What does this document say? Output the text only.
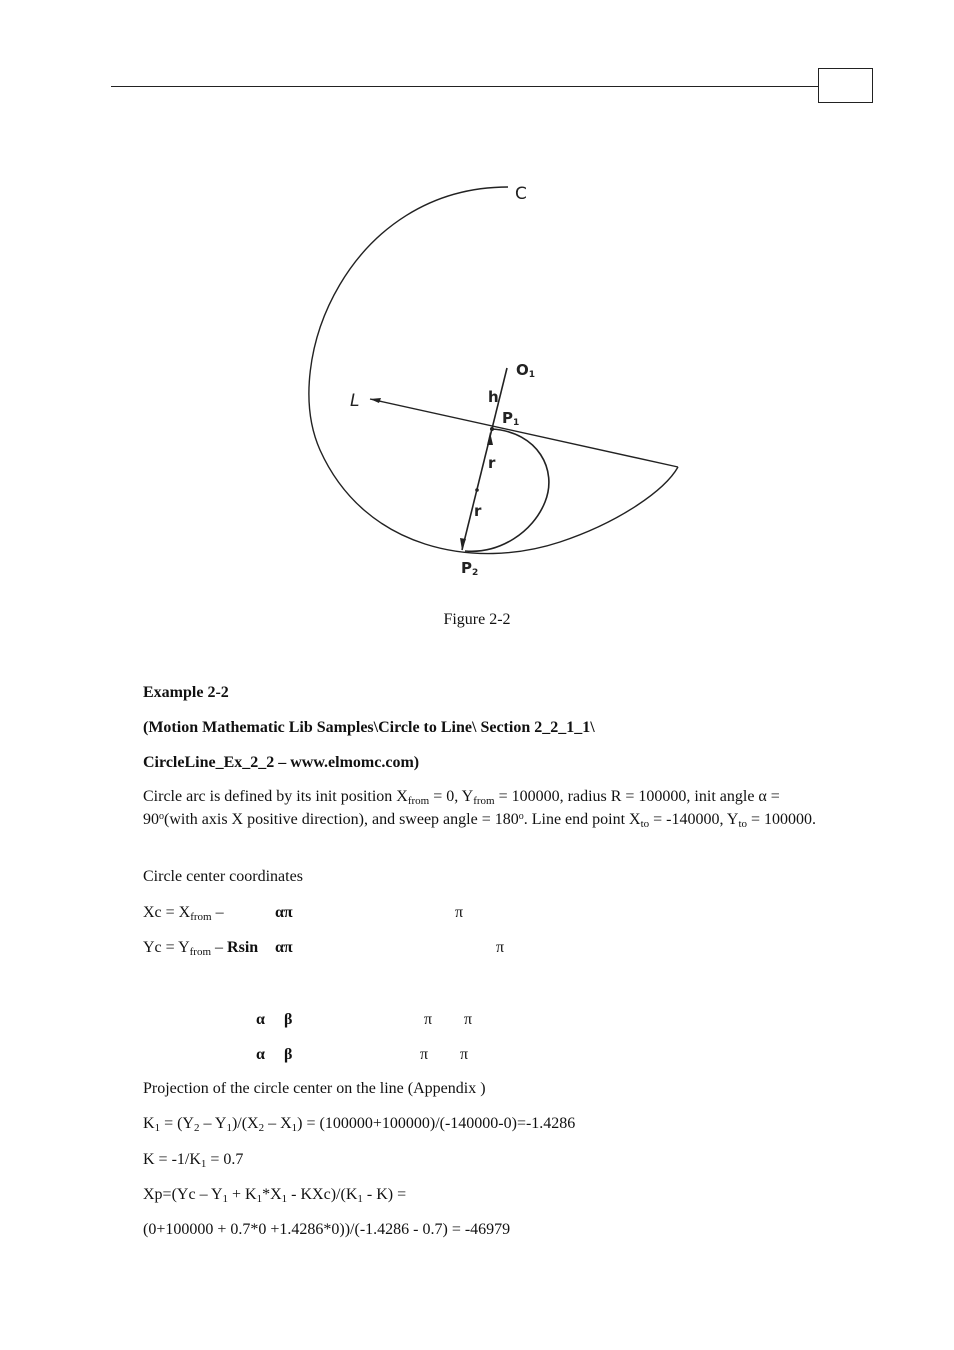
C
O1
L	h
P1
r
r
P2
Figure 2-2
Example 2-2
(Motion Mathematic Lib Samples\Circle to Line\ Section 2_2_1_1\
CircleLine_Ex_2_2 – www.elmomc.com)
Circle arc is defined by its init position $X_{from} = 0$, $Y_{from} = 100000$, radius R = 100000, init angle $\alpha = 90^o(with$ axis X positive direction), and sweep angle = $180^o$. Line end point $X_{to} = -140000$, $Y_{to} = 100000$.
Circle center coordinates
$Xc = X_{from}$ –	απ	π
$Yc = Y_{from} - Rsin$ απ	π
α β	π π
α β	π π
Projection of the circle center on the line (Appendix )
$K_1 = (Y_2 - Y_1)/(X_2 - X_1) = (100000+100000)/(-140000-0)=-1.4286$
$K = -1/K_1 = 0.7$
$Xp=(Yc - Y_1 + K_1*X_1 - KXc)/(K_1 - K)$ =
(0+100000 + 0.7*0 +1.4286*0))/(-1.4286 - 0.7) = -46979
